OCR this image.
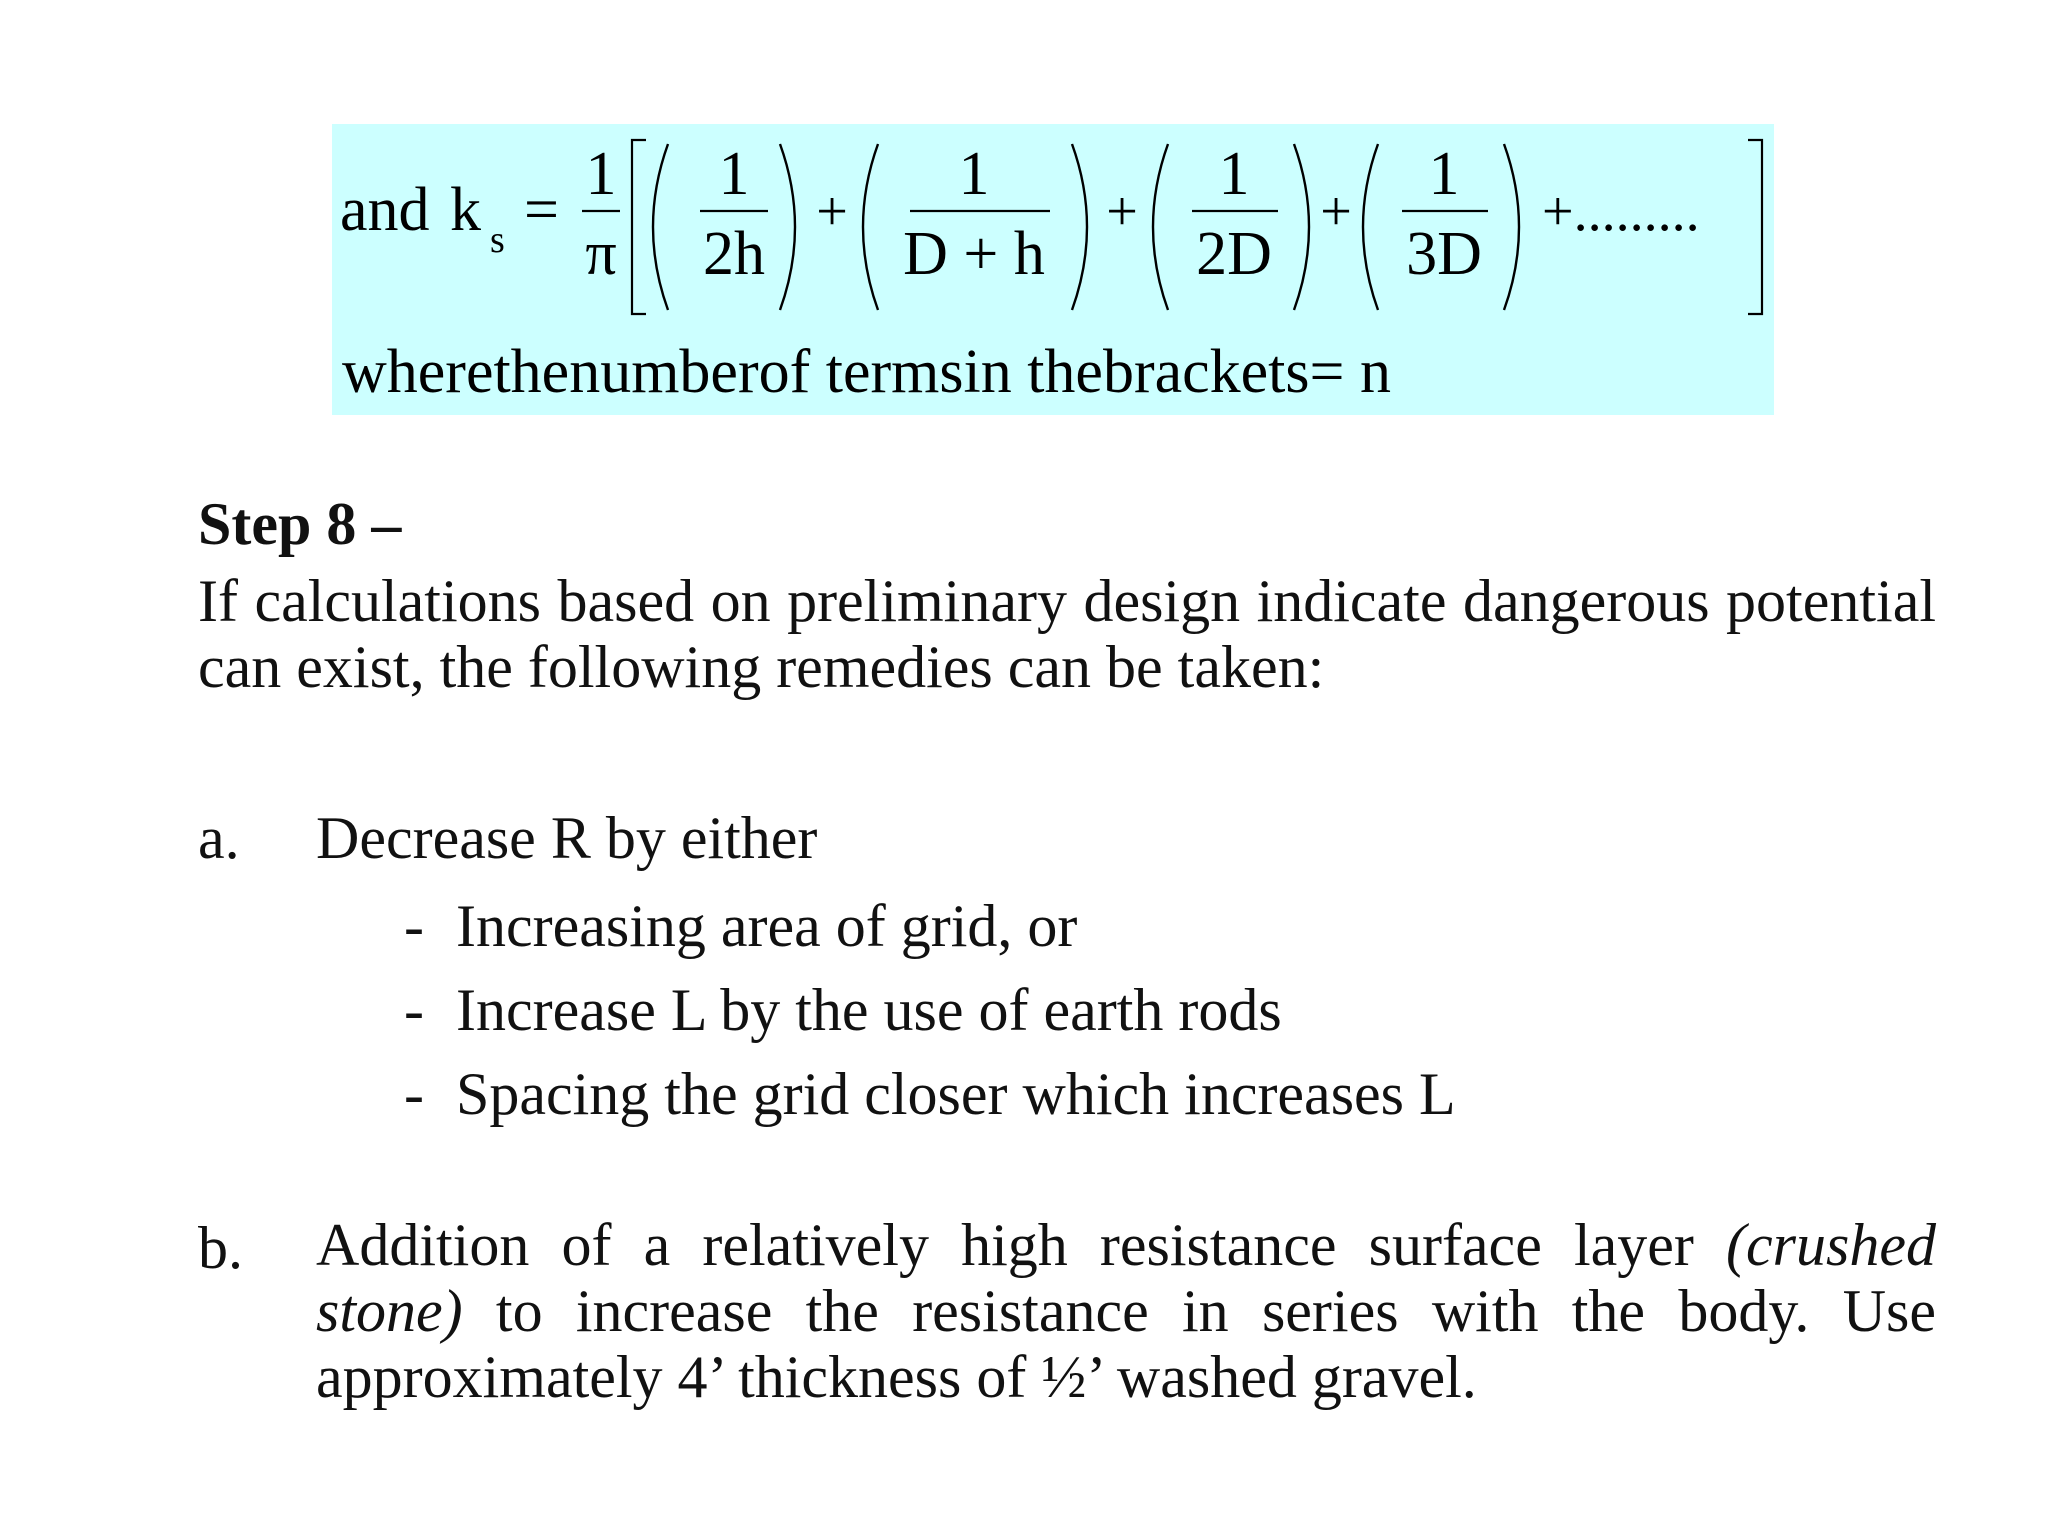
and k s =
1
π
1
2h
+
1
D + h
+
1
2D
+
1
3D
+.........
wherethenumberof termsin thebrackets= n
Step 8 –

If calculations based on preliminary design indicate dangerous potential can exist, the following remedies can be taken:

a. Decrease R by either
- Increasing area of grid, or
- Increase L by the use of earth rods
- Spacing the grid closer which increases L
b. Addition of a relatively high resistance surface layer (crushed stone) to increase the resistance in series with the body. Use approximately 4’ thickness of ½’ washed gravel.
